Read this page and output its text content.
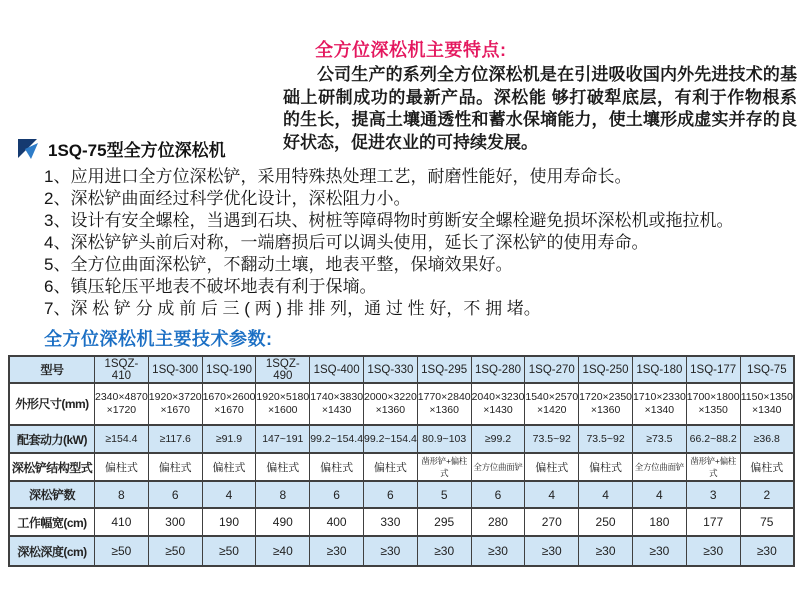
全方位深松机主要特点:
公司生产的系列全方位深松机是在引进吸收国内外先进技术的基础上研制成功的最新产品。深松能 够打破犁底层，有利于作物根系的生长，提高土壤通透性和蓄水保墒能力，使土壤形成虚实并存的良好状态，促进农业的可持续发展。
1SQ-75型全方位深松机
1、应用进口全方位深松铲，采用特殊热处理工艺，耐磨性能好，使用寿命长。
2、深松铲曲面经过科学优化设计，深松阻力小。
3、设计有安全螺栓，当遇到石块、树桩等障碍物时剪断安全螺栓避免损坏深松机或拖拉机。
4、深松铲铲头前后对称，一端磨损后可以调头使用，延长了深松铲的使用寿命。
5、全方位曲面深松铲，不翻动土壤，地表平整，保墒效果好。
6、镇压轮压平地表不破坏地表有利于保墒。
7、深 松 铲 分 成 前 后 三 ( 两 ) 排 排 列，通 过 性 好，不 拥 堵。
全方位深松机主要技术参数:
型号	1SQZ-410	1SQ-300	1SQ-190	1SQZ-490	1SQ-400	1SQ-330	1SQ-295	1SQ-280	1SQ-270	1SQ-250	1SQ-180	1SQ-177	1SQ-75
外形尺寸(mm)	2340×4870 ×1720	1920×3720 ×1670	1670×2600 ×1670	1920×5180 ×1600	1740×3830 ×1430	2000×3220 ×1360	1770×2840 ×1360	2040×3230 ×1430	1540×2570 ×1420	1720×2350 ×1360	1710×2330 ×1340	1700×1800 ×1350	1150×1350 ×1340
配套动力(kW)	≥154.4	≥117.6	≥91.9	147~191	99.2~154.4	99.2~154.4	80.9~103	≥99.2	73.5~92	73.5~92	≥73.5	66.2~88.2	≥36.8
深松铲结构型式	偏柱式	偏柱式	偏柱式	偏柱式	偏柱式	偏柱式	凿形铲+偏柱式	全方位曲面铲	偏柱式	偏柱式	全方位曲面铲	凿形铲+偏柱式	偏柱式
深松铲数	8	6	4	8	6	6	5	6	4	4	4	3	2
工作幅宽(cm)	410	300	190	490	400	330	295	280	270	250	180	177	75
深松深度(cm)	≥50	≥50	≥50	≥40	≥30	≥30	≥30	≥30	≥30	≥30	≥30	≥30	≥30
